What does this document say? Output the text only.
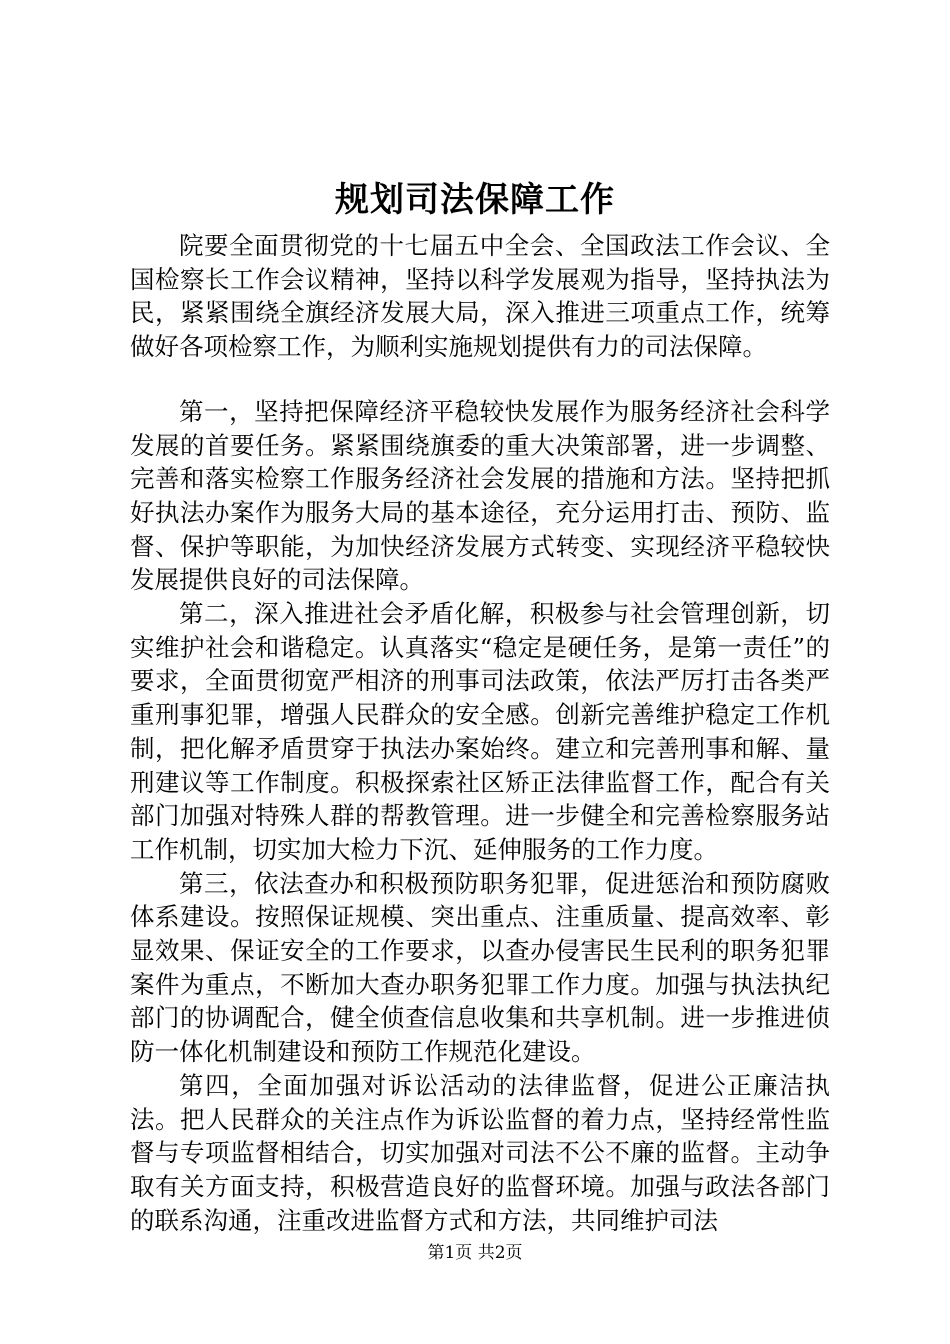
规划司法保障工作

院要全面贯彻党的十七届五中全会、全国政法工作会议、全国检察长工作会议精神，坚持以科学发展观为指导，坚持执法为民，紧紧围绕全旗经济发展大局，深入推进三项重点工作，统筹做好各项检察工作，为顺利实施规划提供有力的司法保障。

第一，坚持把保障经济平稳较快发展作为服务经济社会科学发展的首要任务。紧紧围绕旗委的重大决策部署，进一步调整、完善和落实检察工作服务经济社会发展的措施和方法。坚持把抓好执法办案作为服务大局的基本途径，充分运用打击、预防、监督、保护等职能，为加快经济发展方式转变、实现经济平稳较快发展提供良好的司法保障。

第二，深入推进社会矛盾化解，积极参与社会管理创新，切实维护社会和谐稳定。认真落实“稳定是硬任务，是第一责任”的要求，全面贯彻宽严相济的刑事司法政策，依法严厉打击各类严重刑事犯罪，增强人民群众的安全感。创新完善维护稳定工作机制，把化解矛盾贯穿于执法办案始终。建立和完善刑事和解、量刑建议等工作制度。积极探索社区矫正法律监督工作，配合有关部门加强对特殊人群的帮教管理。进一步健全和完善检察服务站工作机制，切实加大检力下沉、延伸服务的工作力度。

第三，依法查办和积极预防职务犯罪，促进惩治和预防腐败体系建设。按照保证规模、突出重点、注重质量、提高效率、彰显效果、保证安全的工作要求，以查办侵害民生民利的职务犯罪案件为重点，不断加大查办职务犯罪工作力度。加强与执法执纪部门的协调配合，健全侦查信息收集和共享机制。进一步推进侦防一体化机制建设和预防工作规范化建设。

第四，全面加强对诉讼活动的法律监督，促进公正廉洁执法。把人民群众的关注点作为诉讼监督的着力点，坚持经常性监督与专项监督相结合，切实加强对司法不公不廉的监督。主动争取有关方面支持，积极营造良好的监督环境。加强与政法各部门的联系沟通，注重改进监督方式和方法，共同维护司法

第1页 共2页
